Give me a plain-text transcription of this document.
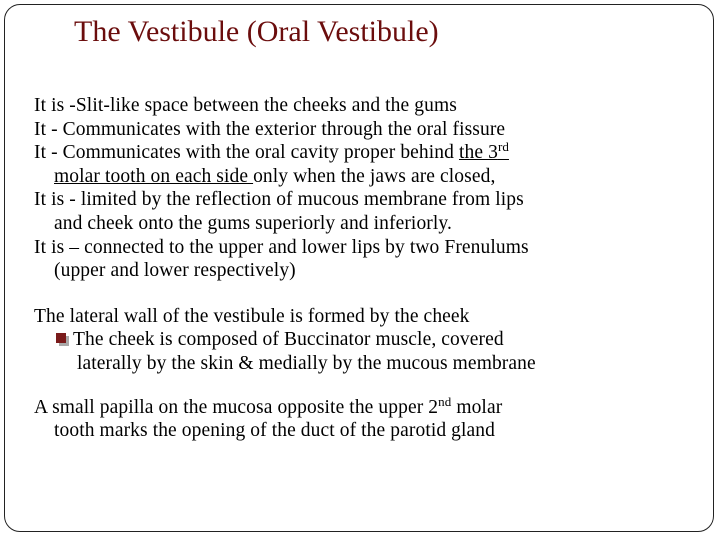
The Vestibule (Oral Vestibule)
It is -Slit-like space between the cheeks and the gums
It - Communicates with the exterior through the oral fissure
It - Communicates with the oral cavity proper behind the 3rd
molar tooth on each side only when the jaws are closed,
It is - limited by the reflection of mucous membrane from lips
and cheek onto the gums superiorly and inferiorly.
It is – connected to the upper and lower lips by two Frenulums
(upper and lower respectively)
The lateral wall of the vestibule is formed by the cheek
The cheek is composed of Buccinator muscle, covered
laterally by the skin & medially by the mucous membrane
A small papilla on the mucosa opposite the upper 2nd molar
tooth marks the opening of the duct of the parotid gland
